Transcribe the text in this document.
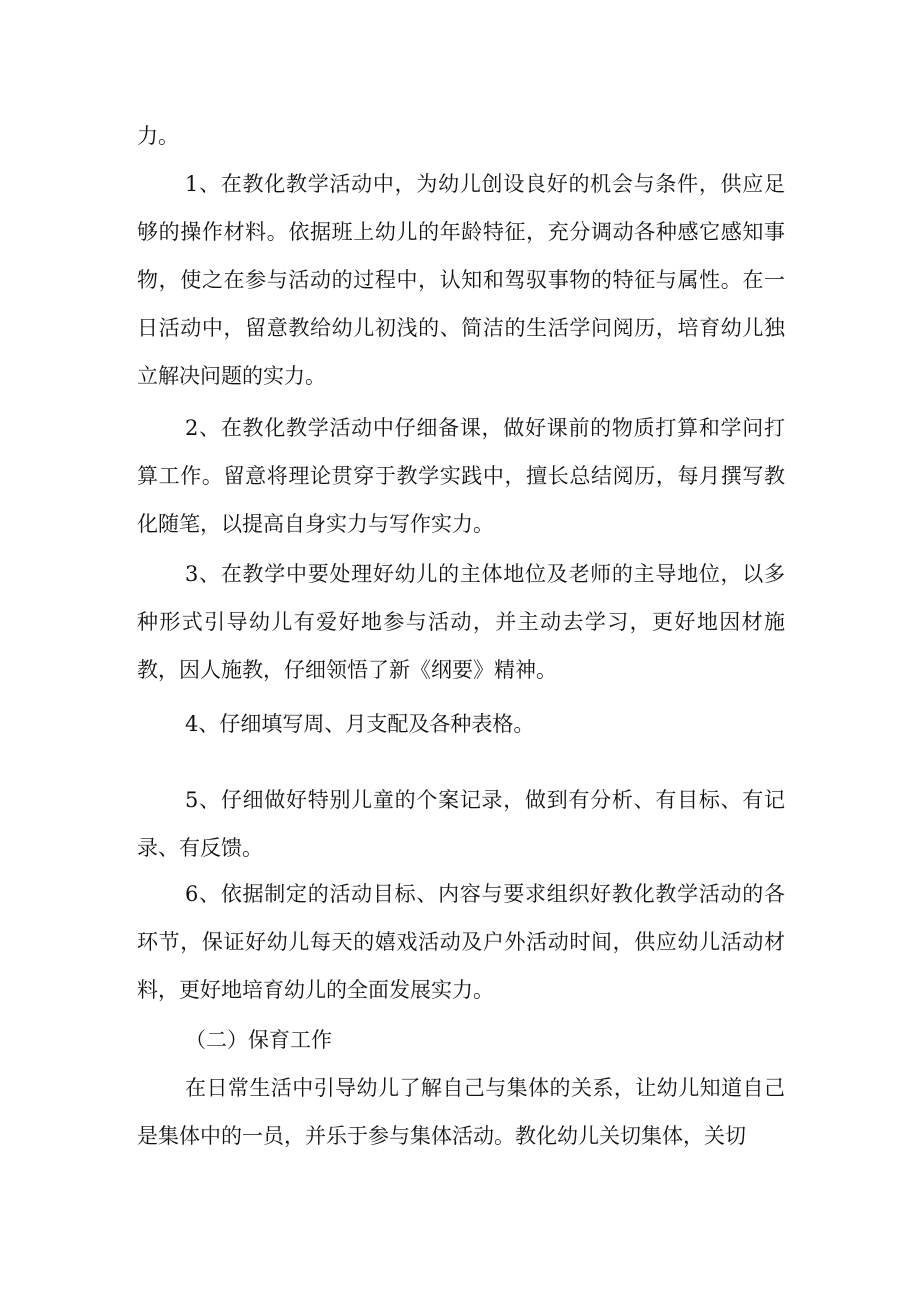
力。

1、在教化教学活动中，为幼儿创设良好的机会与条件，供应足够的操作材料。依据班上幼儿的年龄特征，充分调动各种感它感知事物，使之在参与活动的过程中，认知和驾驭事物的特征与属性。在一日活动中，留意教给幼儿初浅的、简洁的生活学问阅历，培育幼儿独立解决问题的实力。

2、在教化教学活动中仔细备课，做好课前的物质打算和学问打算工作。留意将理论贯穿于教学实践中，擅长总结阅历，每月撰写教化随笔，以提高自身实力与写作实力。

3、在教学中要处理好幼儿的主体地位及老师的主导地位，以多种形式引导幼儿有爱好地参与活动，并主动去学习，更好地因材施教，因人施教，仔细领悟了新《纲要》精神。

4、仔细填写周、月支配及各种表格。

5、仔细做好特别儿童的个案记录，做到有分析、有目标、有记录、有反馈。

6、依据制定的活动目标、内容与要求组织好教化教学活动的各环节，保证好幼儿每天的嬉戏活动及户外活动时间，供应幼儿活动材料，更好地培育幼儿的全面发展实力。

（二）保育工作

在日常生活中引导幼儿了解自己与集体的关系，让幼儿知道自己是集体中的一员，并乐于参与集体活动。教化幼儿关切集体，关切
